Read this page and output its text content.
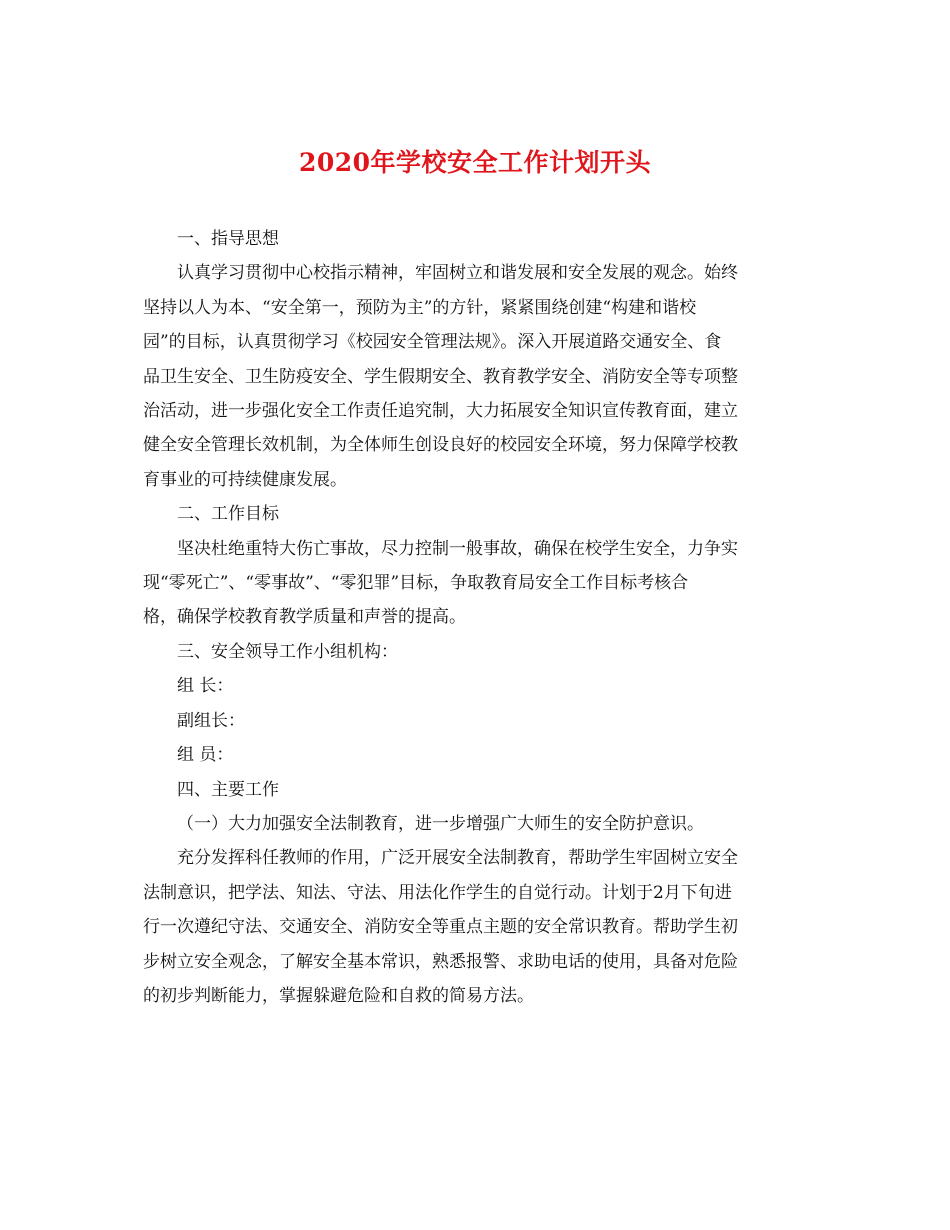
2020年学校安全工作计划开头
一、指导思想
认真学习贯彻中心校指示精神，牢固树立和谐发展和安全发展的观念。始终
坚持以人为本、“安全第一，预防为主”的方针，紧紧围绕创建“构建和谐校
园”的目标，认真贯彻学习《校园安全管理法规》。深入开展道路交通安全、食
品卫生安全、卫生防疫安全、学生假期安全、教育教学安全、消防安全等专项整
治活动，进一步强化安全工作责任追究制，大力拓展安全知识宣传教育面，建立
健全安全管理长效机制，为全体师生创设良好的校园安全环境，努力保障学校教
育事业的可持续健康发展。
二、工作目标
坚决杜绝重特大伤亡事故，尽力控制一般事故，确保在校学生安全，力争实
现“零死亡”、“零事故”、“零犯罪”目标，争取教育局安全工作目标考核合
格，确保学校教育教学质量和声誉的提高。
三、安全领导工作小组机构：
组 长：
副组长：
组 员：
四、主要工作
（一）大力加强安全法制教育，进一步增强广大师生的安全防护意识。
充分发挥科任教师的作用，广泛开展安全法制教育，帮助学生牢固树立安全
法制意识，把学法、知法、守法、用法化作学生的自觉行动。计划于2月下旬进
行一次遵纪守法、交通安全、消防安全等重点主题的安全常识教育。帮助学生初
步树立安全观念，了解安全基本常识，熟悉报警、求助电话的使用，具备对危险
的初步判断能力，掌握躲避危险和自救的简易方法。
